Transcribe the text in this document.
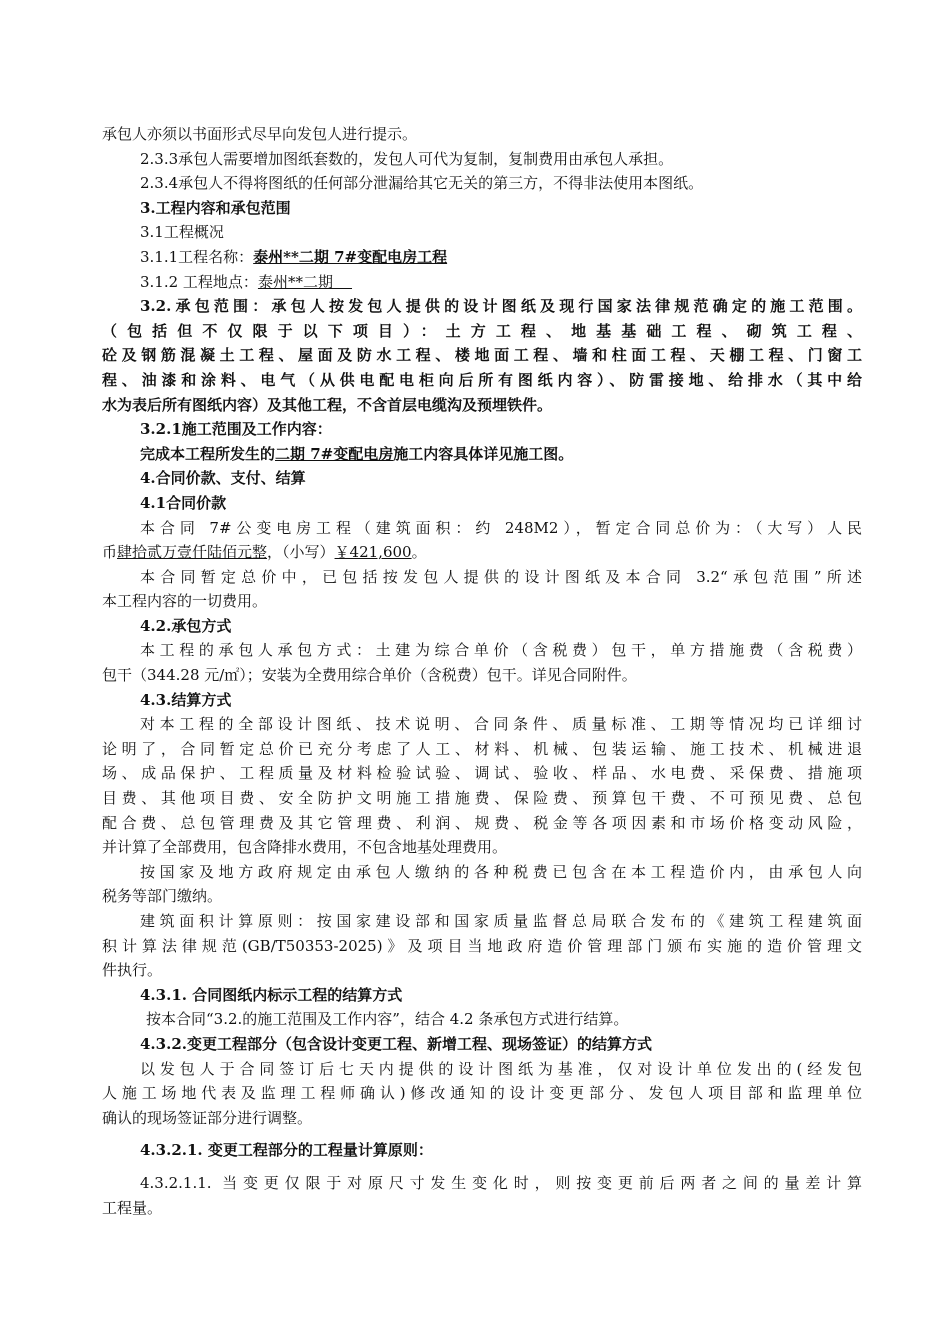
承包人亦须以书面形式尽早向发包人进行提示。
2.3.3承包人需要增加图纸套数的，发包人可代为复制，复制费用由承包人承担。
2.3.4承包人不得将图纸的任何部分泄漏给其它无关的第三方，不得非法使用本图纸。
3.工程内容和承包范围
3.1工程概况
3.1.1工程名称：泰州**二期 7#变配电房工程
3.1.2 工程地点：泰州**二期
3.2.承包范围：承包人按发包人提供的设计图纸及现行国家法律规范确定的施工范围。
（包括但不仅限于以下项目）：土方工程、地基基础工程、砌筑工程、
砼及钢筋混凝土工程、屋面及防水工程、楼地面工程、墙和柱面工程、天棚工程、门窗工
程、油漆和涂料、电气（从供电配电柜向后所有图纸内容）、防雷接地、给排水（其中给
水为表后所有图纸内容）及其他工程，不含首层电缆沟及预埋铁件。
3.2.1施工范围及工作内容：
完成本工程所发生的二期 7#变配电房施工内容具体详见施工图。
4.合同价款、支付、结算
4.1合同价款
本合同 7#公变电房工程（建筑面积：约 248M2），暂定合同总价为：（大写）人民
币肆拾贰万壹仟陆佰元整，（小写）￥421,600。
本合同暂定总价中，已包括按发包人提供的设计图纸及本合同 3.2“承包范围”所述
本工程内容的一切费用。
4.2.承包方式
本工程的承包人承包方式：土建为综合单价（含税费）包干，单方措施费（含税费）
包干（344.28 元/㎡）；安装为全费用综合单价（含税费）包干。详见合同附件。
4.3.结算方式
对本工程的全部设计图纸、技术说明、合同条件、质量标准、工期等情况均已详细讨
论明了，合同暂定总价已充分考虑了人工、材料、机械、包装运输、施工技术、机械进退
场、成品保护、工程质量及材料检验试验、调试、验收、样品、水电费、采保费、措施项
目费、其他项目费、安全防护文明施工措施费、保险费、预算包干费、不可预见费、总包
配合费、总包管理费及其它管理费、利润、规费、税金等各项因素和市场价格变动风险，
并计算了全部费用，包含降排水费用，不包含地基处理费用。
按国家及地方政府规定由承包人缴纳的各种税费已包含在本工程造价内，由承包人向
税务等部门缴纳。
建筑面积计算原则：按国家建设部和国家质量监督总局联合发布的《建筑工程建筑面
积计算法律规范(GB/T50353-2025)》及项目当地政府造价管理部门颁布实施的造价管理文
件执行。
4.3.1. 合同图纸内标示工程的结算方式
按本合同“3.2.的施工范围及工作内容”，结合 4.2 条承包方式进行结算。
4.3.2.变更工程部分（包含设计变更工程、新增工程、现场签证）的结算方式
以发包人于合同签订后七天内提供的设计图纸为基准，仅对设计单位发出的(经发包
人施工场地代表及监理工程师确认)修改通知的设计变更部分、发包人项目部和监理单位
确认的现场签证部分进行调整。
4.3.2.1. 变更工程部分的工程量计算原则：
4.3.2.1.1. 当变更仅限于对原尺寸发生变化时，则按变更前后两者之间的量差计算
工程量。
